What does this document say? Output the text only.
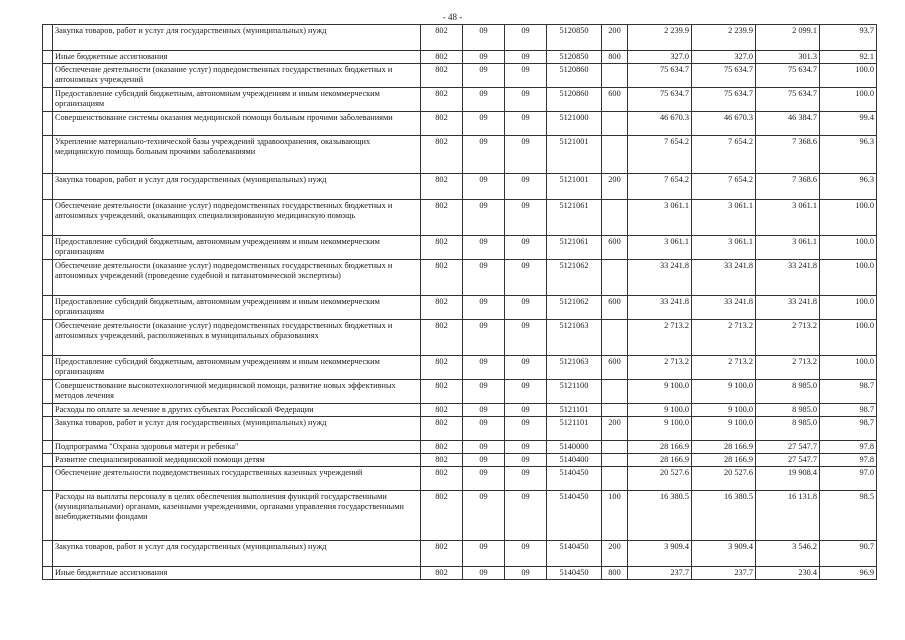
- 48 -
	Закупка товаров, работ и услуг для государственных (муниципальных) нужд	802	09	09	5120850	200	2 239.9	2 239.9	2 099.1	93.7
	Иные бюджетные ассигнования	802	09	09	5120850	800	327.0	327.0	301.3	92.1
	Обеспечение деятельности (оказание услуг) подведомственных государственных бюджетных и автономных учреждений	802	09	09	5120860		75 634.7	75 634.7	75 634.7	100.0
	Предоставление субсидий бюджетным, автономным учреждениям и иным некоммерческим организациям	802	09	09	5120860	600	75 634.7	75 634.7	75 634.7	100.0
	Совершенствование системы оказания медицинской помощи больным прочими заболеваниями	802	09	09	5121000		46 670.3	46 670.3	46 384.7	99.4
	Укрепление материально-технической базы учреждений здравоохранения, оказывающих медицинскую помощь больным прочими заболеваниями	802	09	09	5121001		7 654.2	7 654.2	7 368.6	96.3
	Закупка товаров, работ и услуг для государственных (муниципальных) нужд	802	09	09	5121001	200	7 654.2	7 654.2	7 368.6	96.3
	Обеспечение деятельности (оказание услуг) подведомственных государственных бюджетных и автономных учреждений, оказывающих специализированную медицинскую помощь	802	09	09	5121061		3 061.1	3 061.1	3 061.1	100.0
	Предоставление субсидий бюджетным, автономным учреждениям и иным некоммерческим организациям	802	09	09	5121061	600	3 061.1	3 061.1	3 061.1	100.0
	Обеспечение деятельности (оказание услуг) подведомственных государственных бюджетных и автономных учреждений (проведение судебной и патанатомической экспертизы)	802	09	09	5121062		33 241.8	33 241.8	33 241.8	100.0
	Предоставление субсидий бюджетным, автономным учреждениям и иным некоммерческим организациям	802	09	09	5121062	600	33 241.8	33 241.8	33 241.8	100.0
	Обеспечение деятельности (оказание услуг) подведомственных государственных бюджетных и автономных учреждений, расположенных в муниципальных образованиях	802	09	09	5121063		2 713.2	2 713.2	2 713.2	100.0
	Предоставление субсидий бюджетным, автономным учреждениям и иным некоммерческим организациям	802	09	09	5121063	600	2 713.2	2 713.2	2 713.2	100.0
	Совершенствование высокотехнологичной медицинской помощи, развитие новых эффективных методов лечения	802	09	09	5121100		9 100.0	9 100.0	8 985.0	98.7
	Расходы по оплате за лечение в других субъектах Российской Федерации	802	09	09	5121101		9 100.0	9 100.0	8 985.0	98.7
	Закупка товаров, работ и услуг для государственных (муниципальных) нужд	802	09	09	5121101	200	9 100.0	9 100.0	8 985.0	98.7
	Подпрограмма "Охрана здоровья матери и ребенка"	802	09	09	5140000		28 166.9	28 166.9	27 547.7	97.8
	Развитие специализированной медицинской помощи детям	802	09	09	5140400		28 166.9	28 166.9	27 547.7	97.8
	Обеспечение деятельности подведомственных государственных казенных учреждений	802	09	09	5140450		20 527.6	20 527.6	19 908.4	97.0
	Расходы на выплаты персоналу в целях обеспечения выполнения функций государственными (муниципальными) органами, казенными учреждениями, органами управления государственными внебюджетными фондами	802	09	09	5140450	100	16 380.5	16 380.5	16 131.8	98.5
	Закупка товаров, работ и услуг для государственных (муниципальных) нужд	802	09	09	5140450	200	3 909.4	3 909.4	3 546.2	90.7
	Иные бюджетные ассигнования	802	09	09	5140450	800	237.7	237.7	230.4	96.9
